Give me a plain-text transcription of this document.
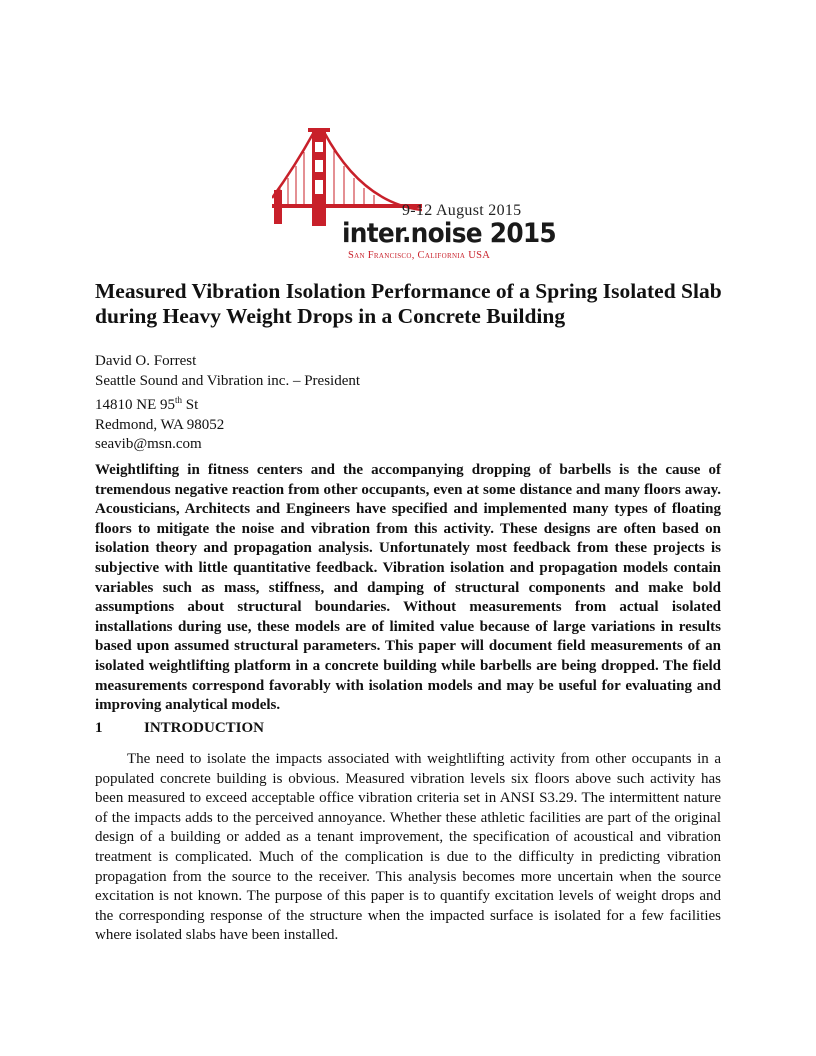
9-12 August 2015
inter.noise 2015
San Francisco, California USA
Measured Vibration Isolation Performance of a Spring Isolated Slab during Heavy Weight Drops in a Concrete Building
David O. Forrest
Seattle Sound and Vibration inc. – President
14810 NE 95th St
Redmond, WA 98052
seavib@msn.com

Weightlifting in fitness centers and the accompanying dropping of barbells is the cause of tremendous negative reaction from other occupants, even at some distance and many floors away. Acousticians, Architects and Engineers have specified and implemented many types of floating floors to mitigate the noise and vibration from this activity. These designs are often based on isolation theory and propagation analysis. Unfortunately most feedback from these projects is subjective with little quantitative feedback. Vibration isolation and propagation models contain variables such as mass, stiffness, and damping of structural components and make bold assumptions about structural boundaries. Without measurements from actual isolated installations during use, these models are of limited value because of large variations in results based upon assumed structural parameters. This paper will document field measurements of an isolated weightlifting platform in a concrete building while barbells are being dropped. The field measurements correspond favorably with isolation models and may be useful for evaluating and improving analytical models.

1	INTRODUCTION

The need to isolate the impacts associated with weightlifting activity from other occupants in a populated concrete building is obvious. Measured vibration levels six floors above such activity has been measured to exceed acceptable office vibration criteria set in ANSI S3.29. The intermittent nature of the impacts adds to the perceived annoyance. Whether these athletic facilities are part of the original design of a building or added as a tenant improvement, the specification of acoustical and vibration treatment is complicated. Much of the complication is due to the difficulty in predicting vibration propagation from the source to the receiver. This analysis becomes more uncertain when the source excitation is not known. The purpose of this paper is to quantify excitation levels of weight drops and the corresponding response of the structure when the impacted surface is isolated for a few facilities where isolated slabs have been installed.
